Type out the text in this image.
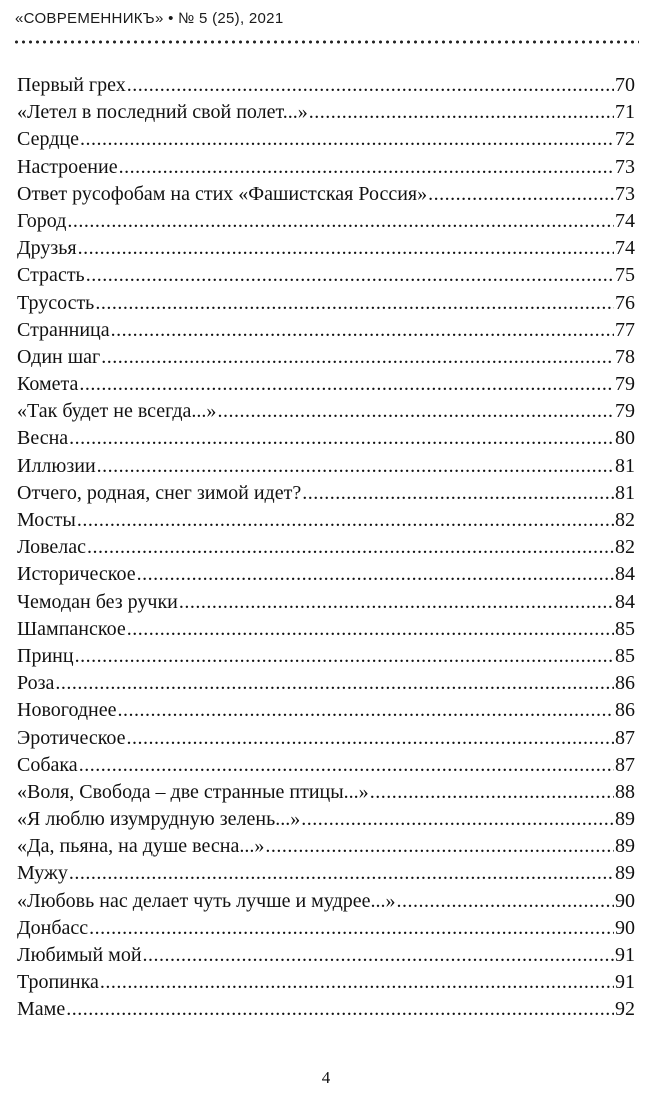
«СОВРЕМЕННИКЪ» • № 5 (25), 2021
Первый грех .....	70
«Летел в последний свой полет...» .....	71
Сердце .....	72
Настроение .....	73
Ответ русофобам на стих «Фашистская Россия» .....	73
Город .....	74
Друзья .....	74
Страсть .....	75
Трусость .....	76
Странница .....	77
Один шаг .....	78
Комета .....	79
«Так будет не всегда...» .....	79
Весна .....	80
Иллюзии .....	81
Отчего, родная, снег зимой идет? .....	81
Мосты .....	82
Ловелас .....	82
Историческое .....	84
Чемодан без ручки .....	84
Шампанское .....	85
Принц .....	85
Роза .....	86
Новогоднее .....	86
Эротическое .....	87
Собака .....	87
«Воля, Свобода – две странные птицы...» .....	88
«Я люблю изумрудную зелень...» .....	89
«Да, пьяна, на душе весна...» .....	89
Мужу .....	89
«Любовь нас делает чуть лучше и мудрее...» .....	90
Донбасс .....	90
Любимый мой .....	91
Тропинка .....	91
Маме .....	92
4
